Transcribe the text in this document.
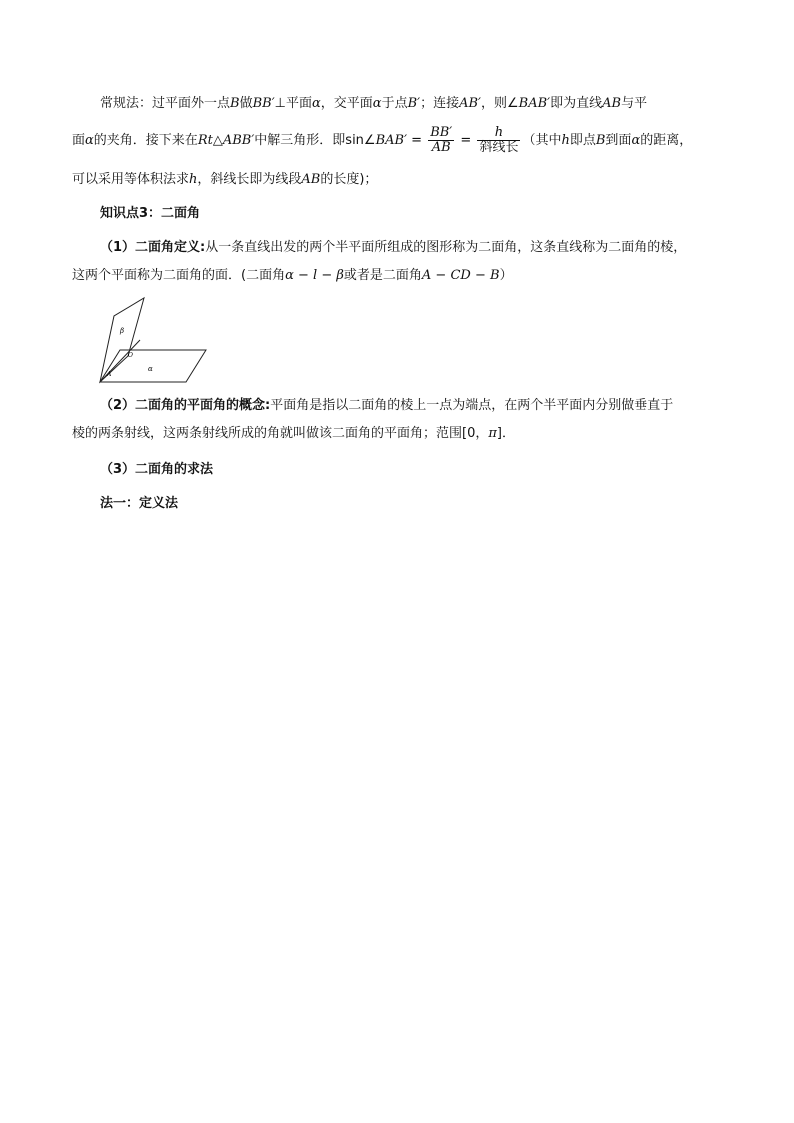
常规法：过平面外一点B做BB′⊥平面α，交平面α于点B′；连接AB′，则∠BAB′即为直线AB与平
面α的夹角．接下来在Rt△ABB′中解三角形．即sin∠BAB′ = $\frac{BB'}{AB} = \frac{h}{\text{斜线长}}$ （其中h即点B到面α的距离，
可以采用等体积法求h，斜线长即为线段AB的长度)；
知识点3：二面角
（1）二面角定义:从一条直线出发的两个半平面所组成的图形称为二面角，这条直线称为二面角的棱，
这两个平面称为二面角的面．(二面角α − l − β或者是二面角A − CD − B）
β
O
α
A
（2）二面角的平面角的概念:平面角是指以二面角的棱上一点为端点，在两个半平面内分别做垂直于
棱的两条射线，这两条射线所成的角就叫做该二面角的平面角；范围[0，π]．
（3）二面角的求法
法一：定义法
